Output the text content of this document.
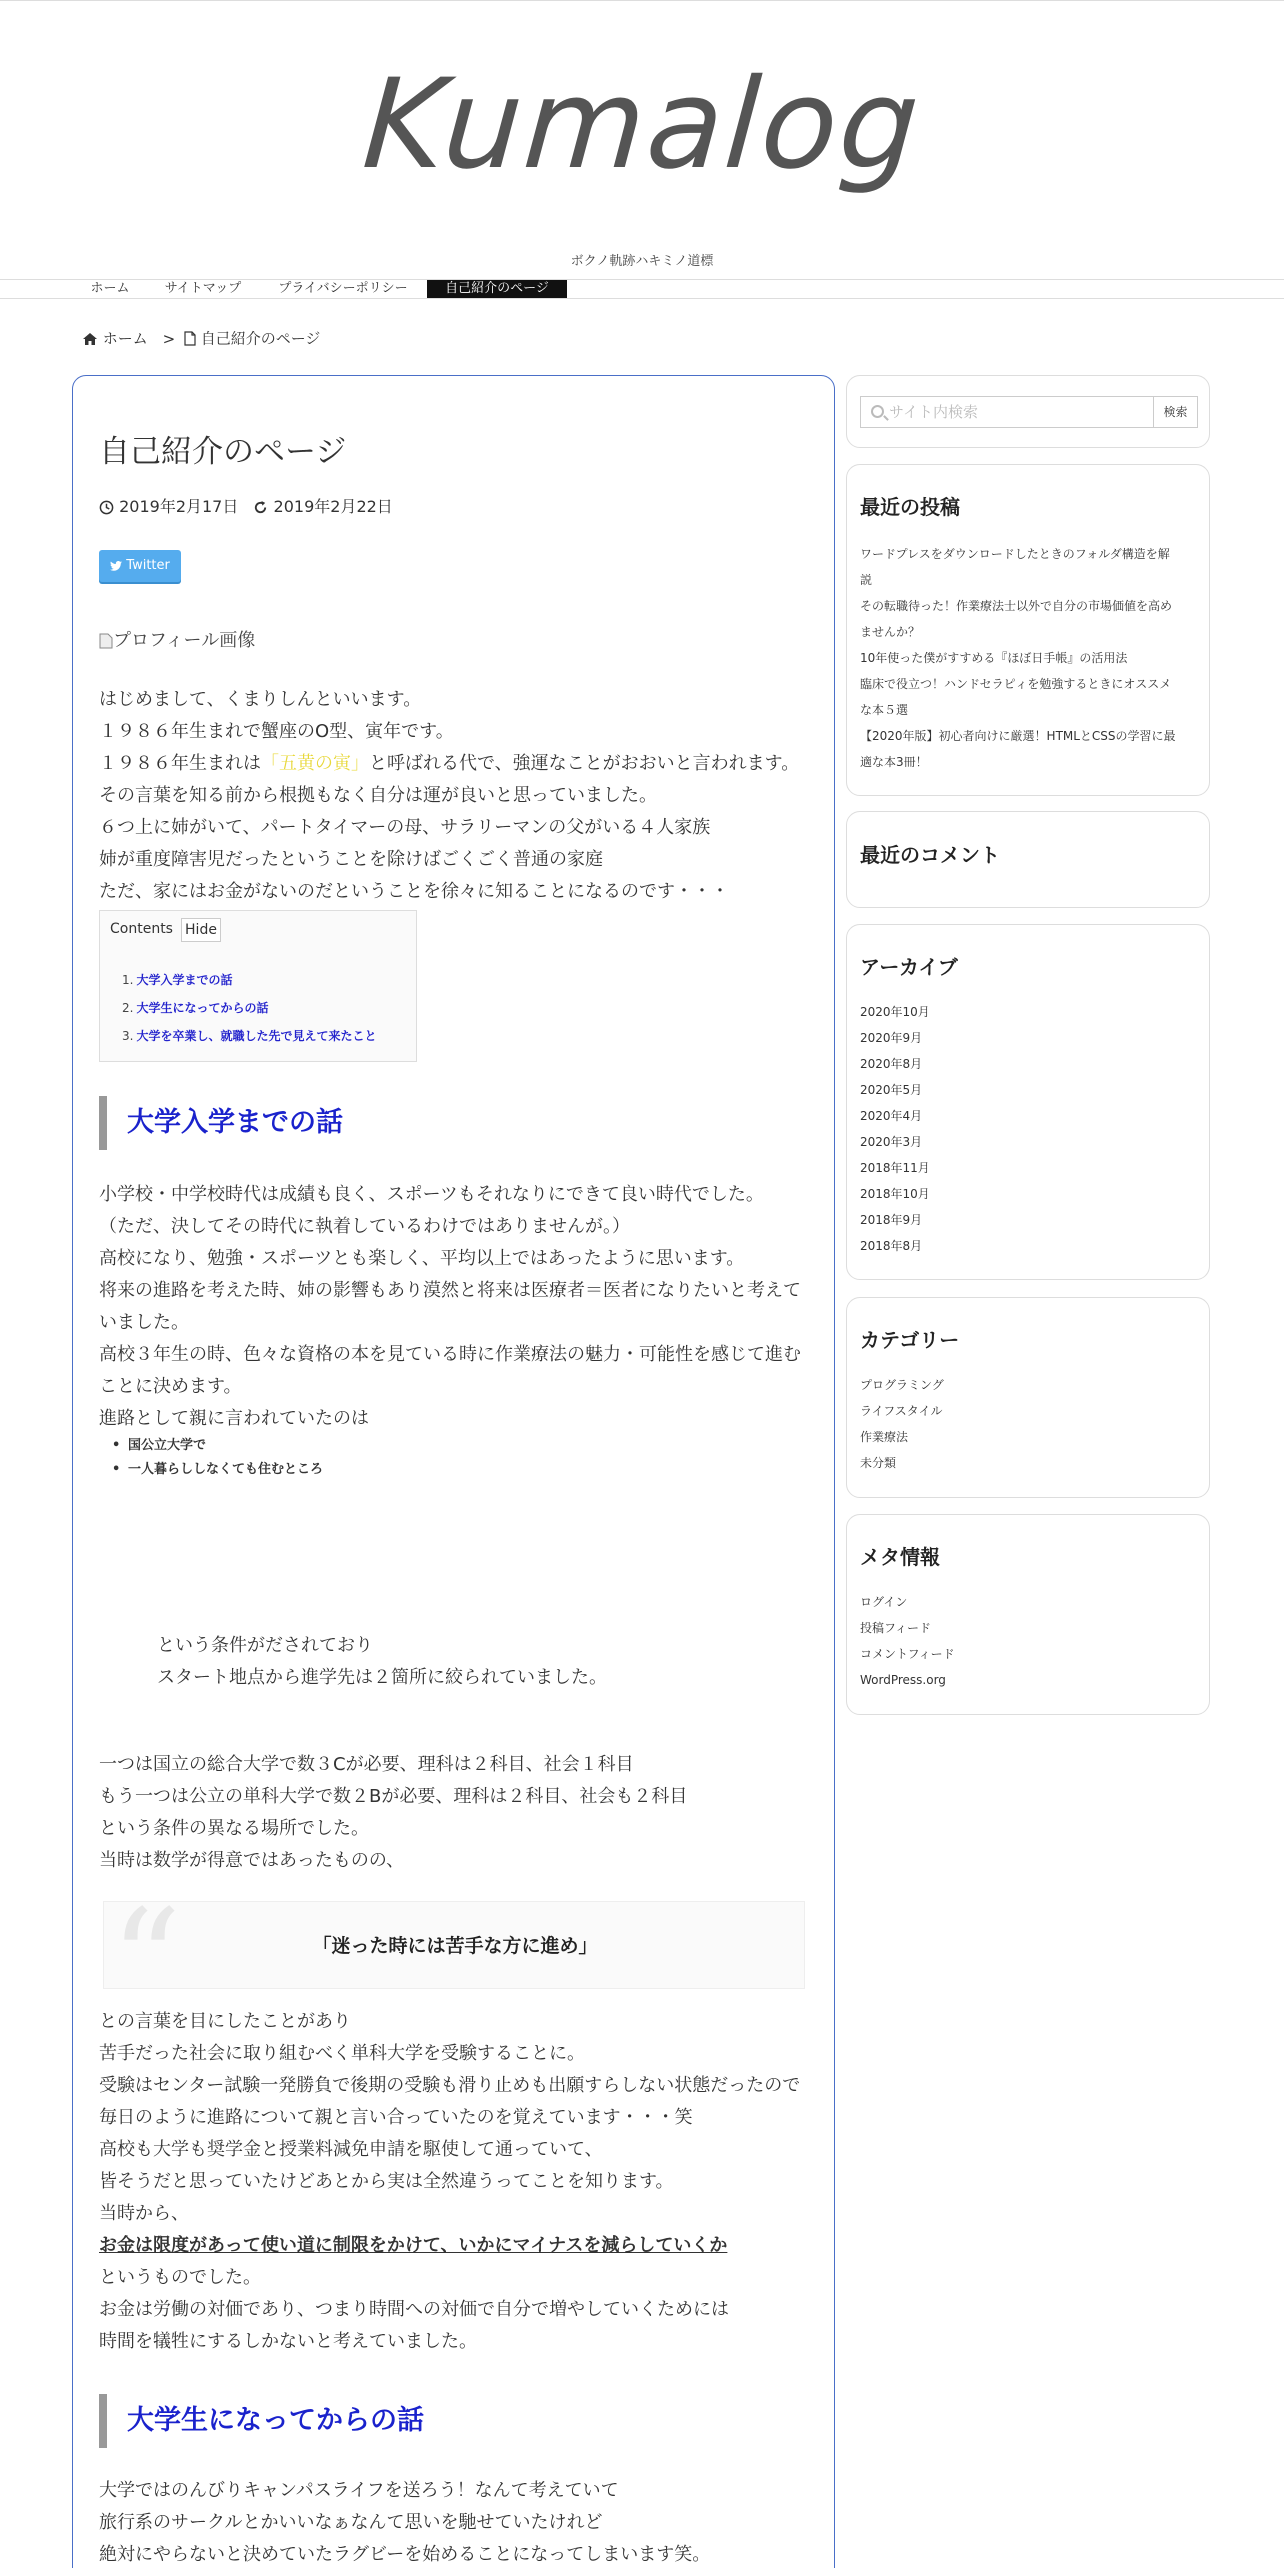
Kumalog
ボクノ軌跡ハキミノ道標
ホーム	サイトマップ	プライバシーポリシー	自己紹介のページ
ホーム > 自己紹介のページ
自己紹介のページ
2019年2月17日 2019年2月22日
Twitter
プロフィール画像
はじめまして、くまりしんといいます。
１９８６年生まれで蟹座のO型、寅年です。
１９８６年生まれは「五黄の寅」と呼ばれる代で、強運なことがおおいと言われます。
その言葉を知る前から根拠もなく自分は運が良いと思っていました。
６つ上に姉がいて、パートタイマーの母、サラリーマンの父がいる４人家族
姉が重度障害児だったということを除けばごくごく普通の家庭
ただ、家にはお金がないのだということを徐々に知ることになるのです・・・
Contents Hide
1. 大学入学までの話
2. 大学生になってからの話
3. 大学を卒業し、就職した先で見えて来たこと
大学入学までの話
小学校・中学校時代は成績も良く、スポーツもそれなりにできて良い時代でした。
（ただ、決してその時代に執着しているわけではありませんが。）
高校になり、勉強・スポーツとも楽しく、平均以上ではあったように思います。
将来の進路を考えた時、姉の影響もあり漠然と将来は医療者＝医者になりたいと考えていました。
高校３年生の時、色々な資格の本を見ている時に作業療法の魅力・可能性を感じて進むことに決めます。
進路として親に言われていたのは
• 国公立大学で
• 一人暮らししなくても住むところ
という条件がだされており
スタート地点から進学先は２箇所に絞られていました。
一つは国立の総合大学で数３Cが必要、理科は２科目、社会１科目
もう一つは公立の単科大学で数２Bが必要、理科は２科目、社会も２科目
という条件の異なる場所でした。
当時は数学が得意ではあったものの、
“	「迷った時には苦手な方に進め」
との言葉を目にしたことがあり
苦手だった社会に取り組むべく単科大学を受験することに。
受験はセンター試験一発勝負で後期の受験も滑り止めも出願すらしない状態だったので
毎日のように進路について親と言い合っていたのを覚えています・・・笑
高校も大学も奨学金と授業料減免申請を駆使して通っていて、
皆そうだと思っていたけどあとから実は全然違うってことを知ります。
当時から、
お金は限度があって使い道に制限をかけて、いかにマイナスを減らしていくか
というものでした。
お金は労働の対価であり、つまり時間への対価で自分で増やしていくためには
時間を犠牲にするしかないと考えていました。
大学生になってからの話
大学ではのんびりキャンパスライフを送ろう！なんて考えていて
旅行系のサークルとかいいなぁなんて思いを馳せていたけれど
絶対にやらないと決めていたラグビーを始めることになってしまいます笑。
サイト内検索
検索
最近の投稿
ワードプレスをダウンロードしたときのフォルダ構造を解
説
その転職待った！作業療法士以外で自分の市場価値を高め
ませんか？
10年使った僕がすすめる『ほぼ日手帳』の活用法
臨床で役立つ！ハンドセラピィを勉強するときにオススメ
な本５選
【2020年版】初心者向けに厳選！HTMLとCSSの学習に最
適な本3冊！
最近のコメント
アーカイブ
2020年10月
2020年9月
2020年8月
2020年5月
2020年4月
2020年3月
2018年11月
2018年10月
2018年9月
2018年8月
カテゴリー
プログラミング
ライフスタイル
作業療法
未分類
メタ情報
ログイン
投稿フィード
コメントフィード
WordPress.org
